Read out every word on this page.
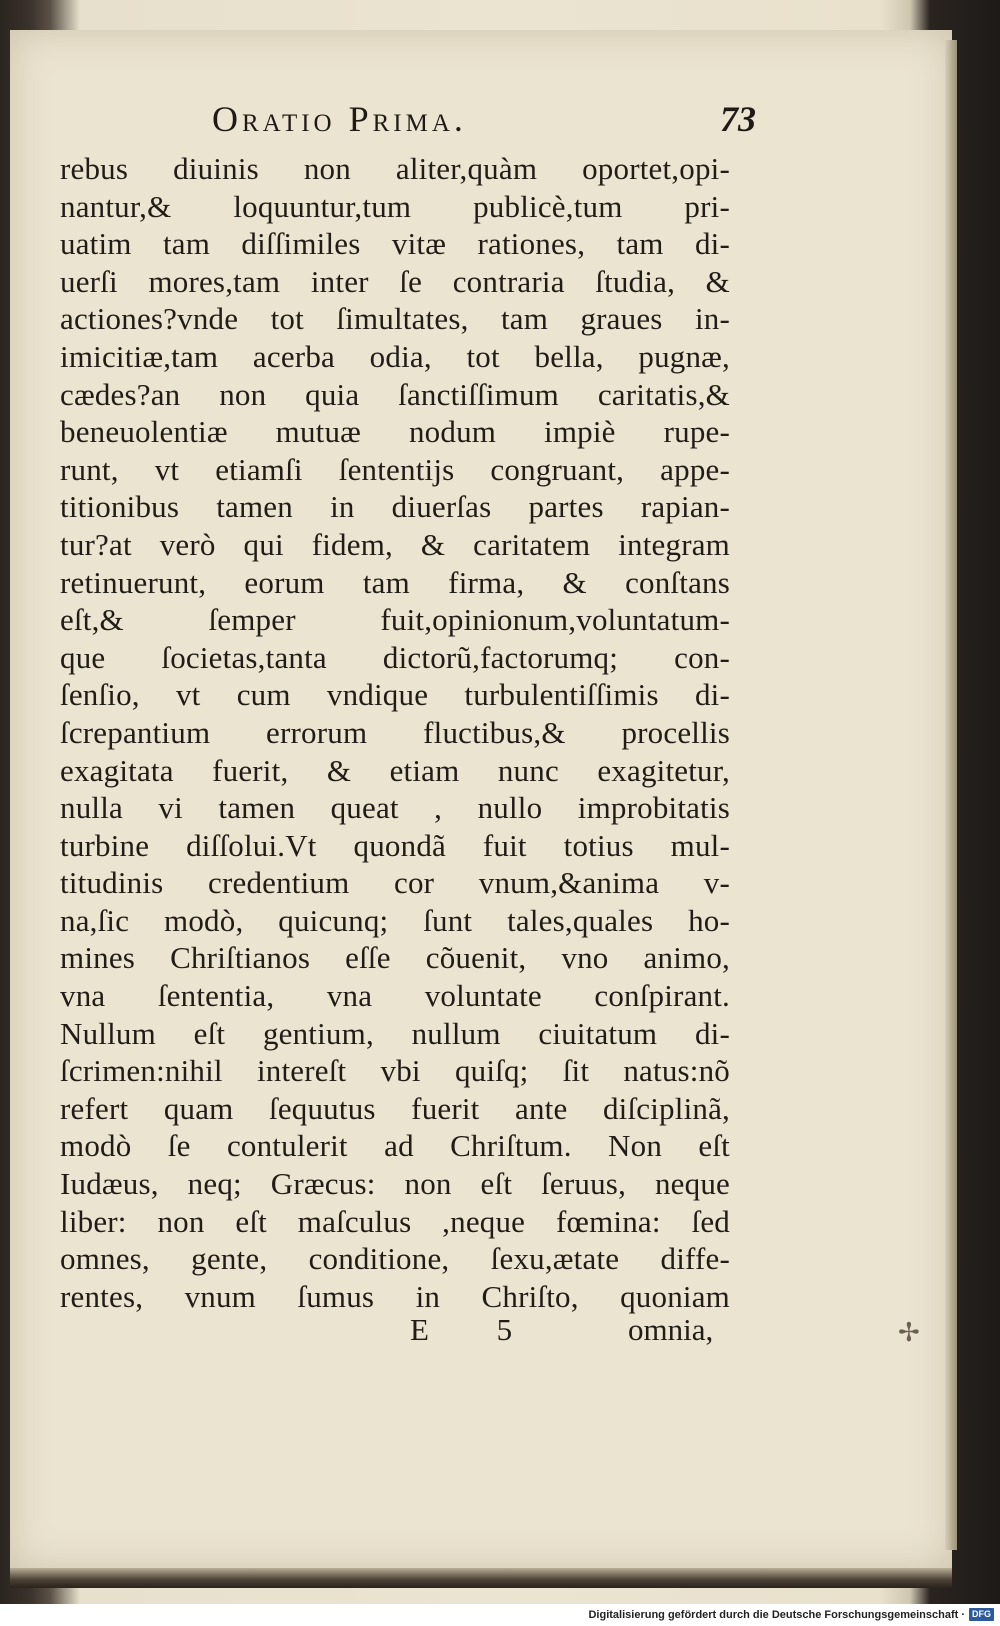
Oratio Prima.	73
rebus diuinis non aliter,quàm oportet,opi-
nantur,& loquuntur,tum publicè,tum pri-
uatim tam diſſimiles vitæ rationes, tam di-
uerſi mores,tam inter ſe contraria ſtudia, &
actiones?vnde tot ſimultates, tam graues in-
imicitiæ,tam acerba odia, tot bella, pugnæ,
cædes?an non quia ſanctiſſimum caritatis,&
beneuolentiæ mutuæ nodum impiè rupe-
runt, vt etiamſi ſententijs congruant, appe-
titionibus tamen in diuerſas partes rapian-
tur?at verò qui fidem, & caritatem integram
retinuerunt, eorum tam firma, & conſtans
eſt,& ſemper fuit,opinionum,voluntatum-
que ſocietas,tanta dictorũ,factorumq; con-
ſenſio, vt cum vndique turbulentiſſimis di-
ſcrepantium errorum fluctibus,& procellis
exagitata fuerit, & etiam nunc exagitetur,
nulla vi tamen queat , nullo improbitatis
turbine diſſolui.Vt quondã fuit totius mul-
titudinis credentium cor vnum,&anima v-
na,ſic modò, quicunq; ſunt tales,quales ho-
mines Chriſtianos eſſe cõuenit, vno animo,
vna ſententia, vna voluntate conſpirant.
Nullum eſt gentium, nullum ciuitatum di-
ſcrimen:nihil intereſt vbi quiſq; ſit natus:nõ
refert quam ſequutus fuerit ante diſciplinã,
modò ſe contulerit ad Chriſtum. Non eſt
Iudæus, neq; Græcus: non eſt ſeruus, neque
liber: non eſt maſculus ,neque fœmina: ſed
omnes, gente, conditione, ſexu,ætate diffe-
rentes, vnum ſumus in Chriſto, quoniam
E 5	omnia,	✢
Digitalisierung gefördert durch die Deutsche Forschungsgemeinschaft · DFG
